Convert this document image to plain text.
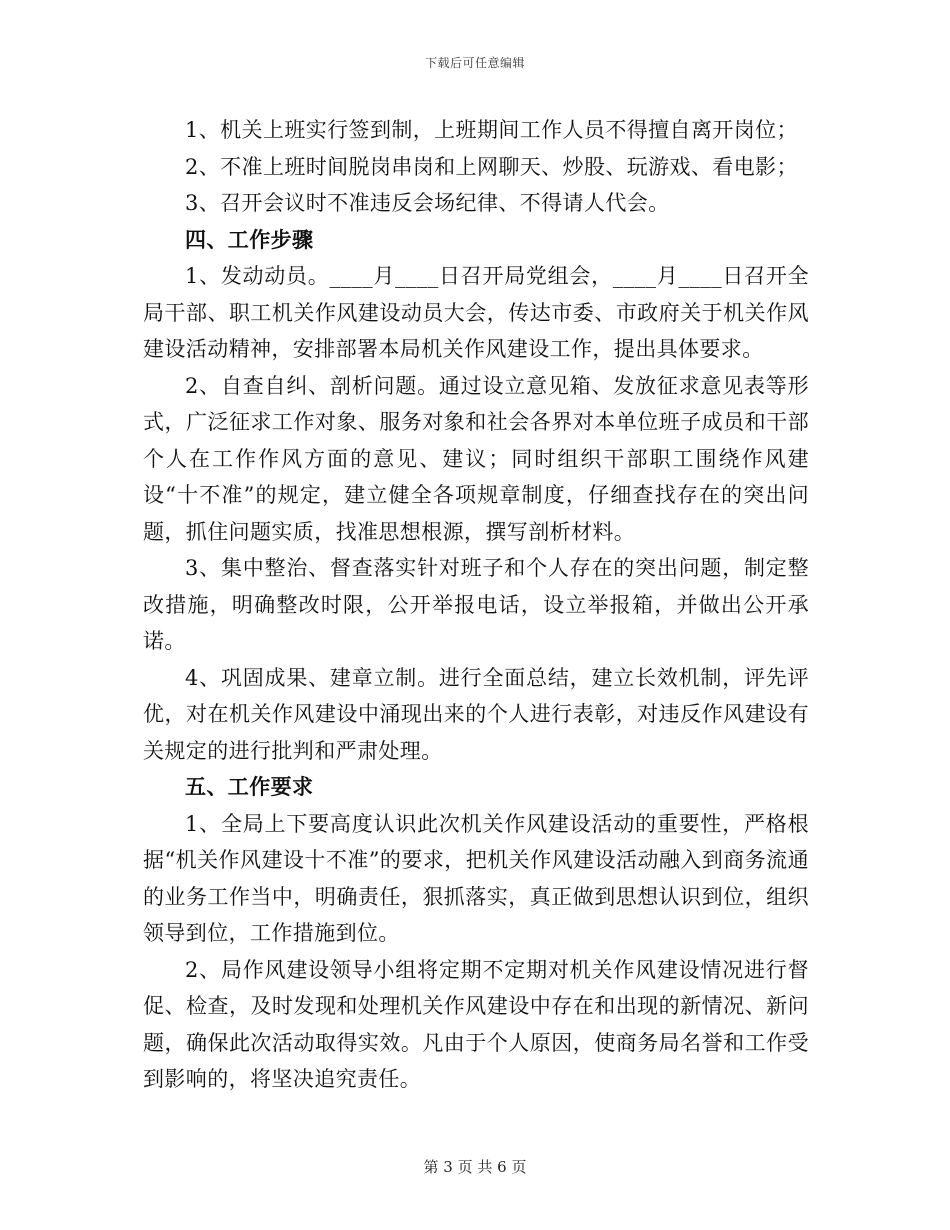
下载后可任意编辑

1、机关上班实行签到制，上班期间工作人员不得擅自离开岗位；

2、不准上班时间脱岗串岗和上网聊天、炒股、玩游戏、看电影；

3、召开会议时不准违反会场纪律、不得请人代会。

四、工作步骤

1、发动动员。____月____日召开局党组会，____月____日召开全局干部、职工机关作风建设动员大会，传达市委、市政府关于机关作风建设活动精神，安排部署本局机关作风建设工作，提出具体要求。

2、自查自纠、剖析问题。通过设立意见箱、发放征求意见表等形式，广泛征求工作对象、服务对象和社会各界对本单位班子成员和干部个人在工作作风方面的意见、建议；同时组织干部职工围绕作风建设“十不准”的规定，建立健全各项规章制度，仔细查找存在的突出问题，抓住问题实质，找准思想根源，撰写剖析材料。

3、集中整治、督查落实针对班子和个人存在的突出问题，制定整改措施，明确整改时限，公开举报电话，设立举报箱，并做出公开承诺。

4、巩固成果、建章立制。进行全面总结，建立长效机制，评先评优，对在机关作风建设中涌现出来的个人进行表彰，对违反作风建设有关规定的进行批判和严肃处理。

五、工作要求

1、全局上下要高度认识此次机关作风建设活动的重要性，严格根据“机关作风建设十不准”的要求，把机关作风建设活动融入到商务流通的业务工作当中，明确责任，狠抓落实，真正做到思想认识到位，组织领导到位，工作措施到位。

2、局作风建设领导小组将定期不定期对机关作风建设情况进行督促、检查，及时发现和处理机关作风建设中存在和出现的新情况、新问题，确保此次活动取得实效。凡由于个人原因，使商务局名誉和工作受到影响的，将坚决追究责任。

第 3 页 共 6 页
